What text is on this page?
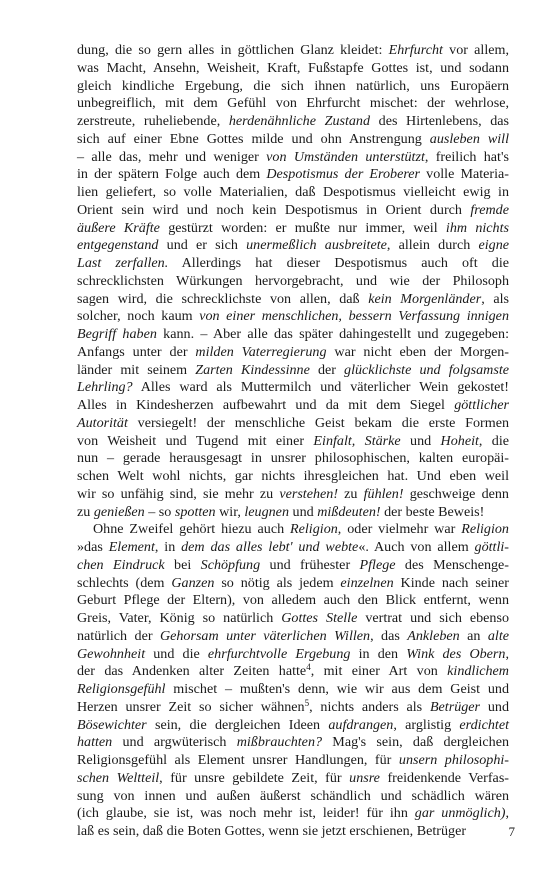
dung, die so gern alles in göttlichen Glanz kleidet: Ehrfurcht vor allem,
was Macht, Ansehn, Weisheit, Kraft, Fußstapfe Gottes ist, und sodann
gleich kindliche Ergebung, die sich ihnen natürlich, uns Europäern
unbegreiflich, mit dem Gefühl von Ehrfurcht mischet: der wehrlose,
zerstreute, ruheliebende, herdenähnliche Zustand des Hirtenlebens, das
sich auf einer Ebne Gottes milde und ohn Anstrengung ausleben will
– alle das, mehr und weniger von Umständen unterstützt, freilich hat's
in der spätern Folge auch dem Despotismus der Eroberer volle Materia-
lien geliefert, so volle Materialien, daß Despotismus vielleicht ewig in
Orient sein wird und noch kein Despotismus in Orient durch fremde
äußere Kräfte gestürzt worden: er mußte nur immer, weil ihm nichts
entgegenstand und er sich unermeßlich ausbreitete, allein durch eigne
Last zerfallen. Allerdings hat dieser Despotismus auch oft die
schrecklichsten Würkungen hervorgebracht, und wie der Philosoph
sagen wird, die schrecklichste von allen, daß kein Morgenländer, als
solcher, noch kaum von einer menschlichen, bessern Verfassung innigen
Begriff haben kann. – Aber alle das später dahingestellt und zugegeben:
Anfangs unter der milden Vaterregierung war nicht eben der Morgen-
länder mit seinem Zarten Kindessinne der glücklichste und folgsamste
Lehrling? Alles ward als Muttermilch und väterlicher Wein gekostet!
Alles in Kindesherzen aufbewahrt und da mit dem Siegel göttlicher
Autorität versiegelt! der menschliche Geist bekam die erste Formen
von Weisheit und Tugend mit einer Einfalt, Stärke und Hoheit, die
nun – gerade herausgesagt in unsrer philosophischen, kalten europäi-
schen Welt wohl nichts, gar nichts ihresgleichen hat. Und eben weil
wir so unfähig sind, sie mehr zu verstehen! zu fühlen! geschweige denn
zu genießen – so spotten wir, leugnen und mißdeuten! der beste Beweis!
Ohne Zweifel gehört hiezu auch Religion, oder vielmehr war Religion
»das Element, in dem das alles lebt' und webte«. Auch von allem göttli-
chen Eindruck bei Schöpfung und frühester Pflege des Menschenge-
schlechts (dem Ganzen so nötig als jedem einzelnen Kinde nach seiner
Geburt Pflege der Eltern), von alledem auch den Blick entfernt, wenn
Greis, Vater, König so natürlich Gottes Stelle vertrat und sich ebenso
natürlich der Gehorsam unter väterlichen Willen, das Ankleben an alte
Gewohnheit und die ehrfurchtvolle Ergebung in den Wink des Obern,
der das Andenken alter Zeiten hatte$^4$, mit einer Art von kindlichem
Religionsgefühl mischet – mußten's denn, wie wir aus dem Geist und
Herzen unsrer Zeit so sicher wähnen$^5$, nichts anders als Betrüger und
Bösewichter sein, die dergleichen Ideen aufdrangen, arglistig erdichtet
hatten und argwüterisch mißbrauchten? Mag's sein, daß dergleichen
Religionsgefühl als Element unsrer Handlungen, für unsern philosophi-
schen Weltteil, für unsre gebildete Zeit, für unsre freidenkende Verfas-
sung von innen und außen äußerst schändlich und schädlich wären
(ich glaube, sie ist, was noch mehr ist, leider! für ihn gar unmöglich),
laß es sein, daß die Boten Gottes, wenn sie jetzt erschienen, Betrüger	7
